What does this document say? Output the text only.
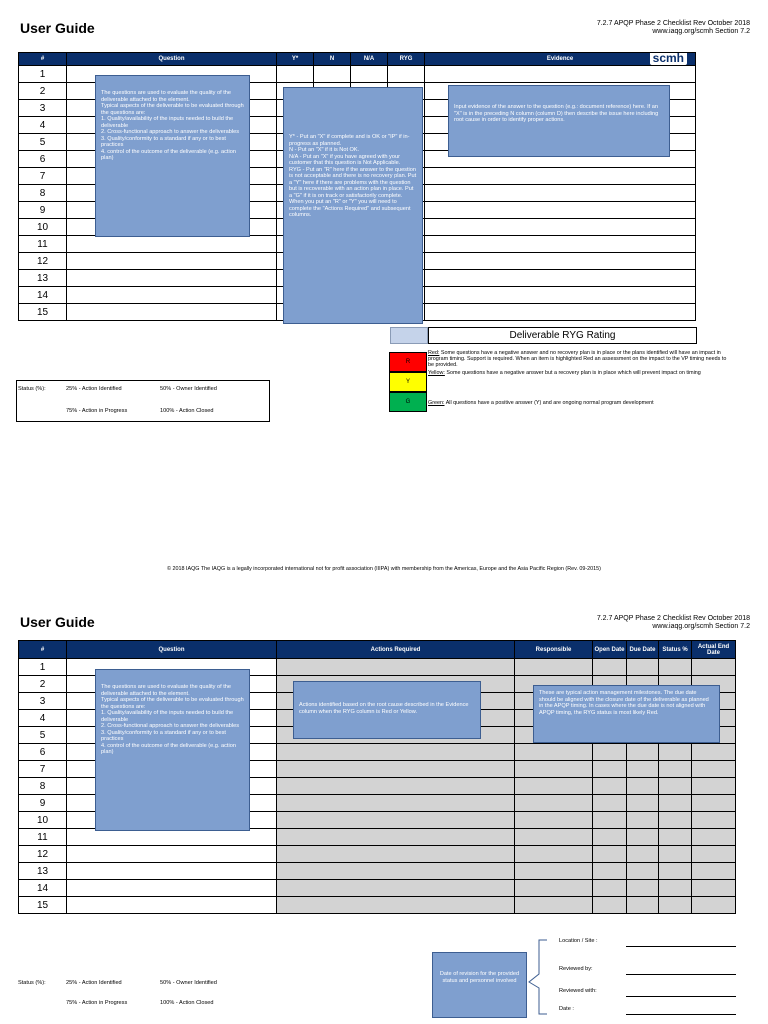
User Guide	7.2.7 APQP Phase 2 Checklist Rev October 2018
www.iaqg.org/scmh Section 7.2
#	Question	Y*	N	N/A	RYG	Evidence scmh

1						
2						
3						
4						
5						
6						
7						
8						
9						
10						
11						
12						
13						
14						
15						
The questions are used to evaluate the quality of the deliverable attached to the element.
Typical aspects of the deliverable to be evaluated through the questions are:
1. Quality/availability of the inputs needed to build the deliverable
2. Cross-functional approach to answer the deliverables
3. Quality/conformity to a standard if any or to best practices
4. control of the outcome of the deliverable (e.g. action plan)
Y* - Put an "X" if complete and is OK or "IP" if in-progress as planned.
N - Put an "X" if it is Not OK.
N/A - Put an "X" if you have agreed with your customer that this question is Not Applicable.
RYG - Put an "R" here if the answer to the question is not acceptable and there is no recovery plan. Put a "Y" here if there are problems with the question but is recoverable with an action plan in place. Put a "G" if it is on track or satisfactorily complete. When you put an "R" or "Y" you will need to complete the "Actions Required" and subsequent columns.
Input evidence of the answer to the question (e.g.: document reference) here. If an "X" is in the preceding N column (column D) then describe the issue here including root cause in order to identify proper actions.
Deliverable RYG Rating
R
Red: Some questions have a negative answer and no recovery plan is in place or the plans identified will have an impact in program timing. Support is required. When an item is highlighted Red an assessment on the impact to the VP timing needs to be provided.
Y
Yellow: Some questions have a negative answer but a recovery plan is in place which will prevent impact on timing
G	Green: All questions have a positive answer (Y) and are ongoing normal program development
Status (%):	25% - Action Identified	50% - Owner Identified
75% - Action in Progress	100% - Action Closed
© 2018 IAQG The IAQG is a legally incorporated international not for profit association (IIIPA) with membership from the Americas, Europe and the Asia Pacific Region (Rev. 09-2015)
User Guide	7.2.7 APQP Phase 2 Checklist Rev October 2018
www.iaqg.org/scmh Section 7.2
#	Question	Actions Required	Responsible	Open Date	Due Date	Status %	Actual End Date
1							
2							
3							
4							
5							
6							
7							
8							
9							
10							
11							
12							
13							
14							
15							
The questions are used to evaluate the quality of the deliverable attached to the element.
Typical aspects of the deliverable to be evaluated through the questions are:
1. Quality/availability of the inputs needed to build the deliverable
2. Cross-functional approach to answer the deliverables
3. Quality/conformity to a standard if any or to best practices
4. control of the outcome of the deliverable (e.g. action plan)
Actions identified based on the root cause described in the Evidence column when the RYG column is Red or Yellow.
These are typical action management milestones. The due date should be aligned with the closure date of the deliverable as planned in the APQP timing. In cases where the due date is not aligned with APQP timing, the RYG status is most likely Red.
Status (%):	25% - Action Identified	50% - Owner Identified
75% - Action in Progress	100% - Action Closed
Date of revision for the provided status and personnel involved
Location / Site :
Reviewed by:
Reviewed with:
Date :
